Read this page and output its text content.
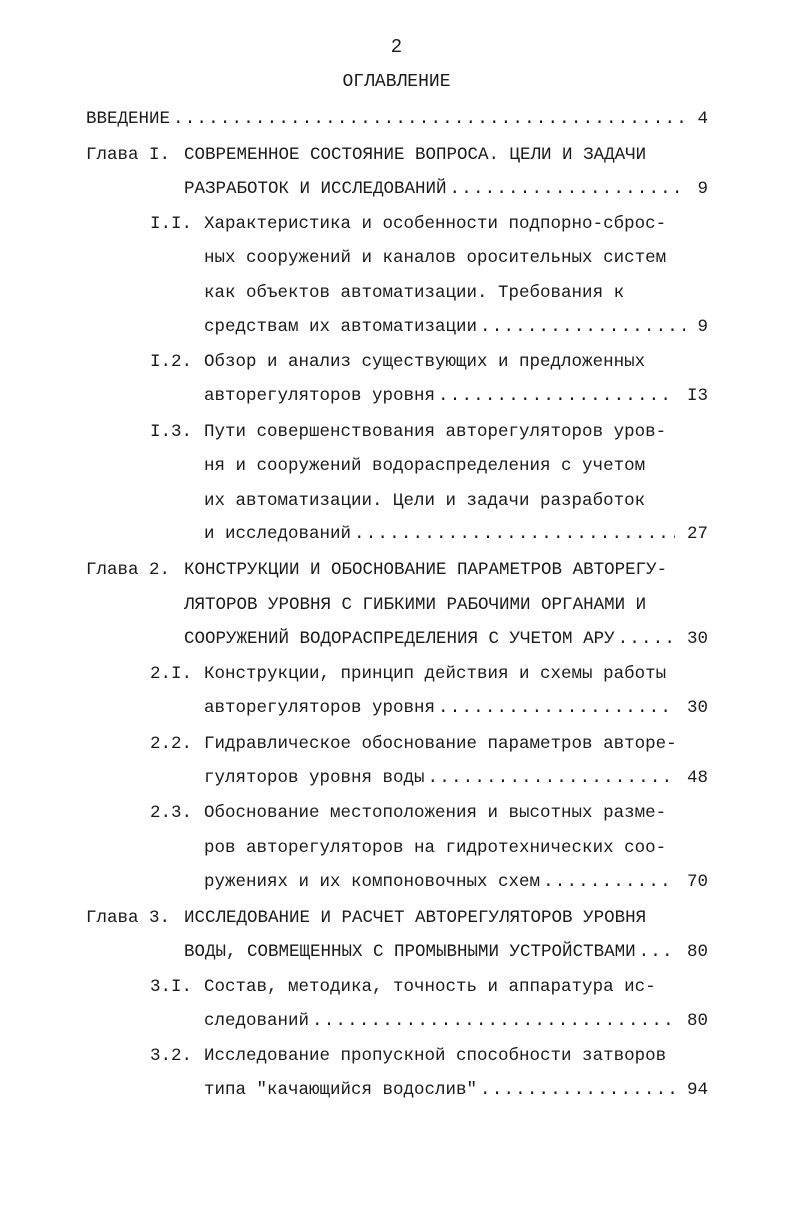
2
ОГЛАВЛЕНИЕ
ВВЕДЕНИЕ .....	4
Глава I. СОВРЕМЕННОЕ СОСТОЯНИЕ ВОПРОСА. ЦЕЛИ И ЗАДАЧИ
РАЗРАБОТОК И ИССЛЕДОВАНИЙ .....	9
I.I. Характеристика и особенности подпорно-сброс-
ных сооружений и каналов оросительных систем
как объектов автоматизации. Требования к
средствам их автоматизации .....	9
I.2. Обзор и анализ существующих и предложенных
авторегуляторов уровня .....	I3
I.3. Пути совершенствования авторегуляторов уров-
ня и сооружений водораспределения с учетом
их автоматизации. Цели и задачи разработок
и исследований .....	27
Глава 2. КОНСТРУКЦИИ И ОБОСНОВАНИЕ ПАРАМЕТРОВ АВТОРЕГУ-
ЛЯТОРОВ УРОВНЯ С ГИБКИМИ РАБОЧИМИ ОРГАНАМИ И
СООРУЖЕНИЙ ВОДОРАСПРЕДЕЛЕНИЯ С УЧЕТОМ АРУ .....	30
2.I. Конструкции, принцип действия и схемы работы
авторегуляторов уровня .....	30
2.2. Гидравлическое обоснование параметров авторе-
гуляторов уровня воды .....	48
2.3. Обоснование местоположения и высотных разме-
ров авторегуляторов на гидротехнических соо-
ружениях и их компоновочных схем .....	70
Глава 3. ИССЛЕДОВАНИЕ И РАСЧЕТ АВТОРЕГУЛЯТОРОВ УРОВНЯ
ВОДЫ, СОВМЕЩЕННЫХ С ПРОМЫВНЫМИ УСТРОЙСТВАМИ .....	80
3.I. Состав, методика, точность и аппаратура ис-
следований .....	80
3.2. Исследование пропускной способности затворов
типа "качающийся водослив" .....	94
